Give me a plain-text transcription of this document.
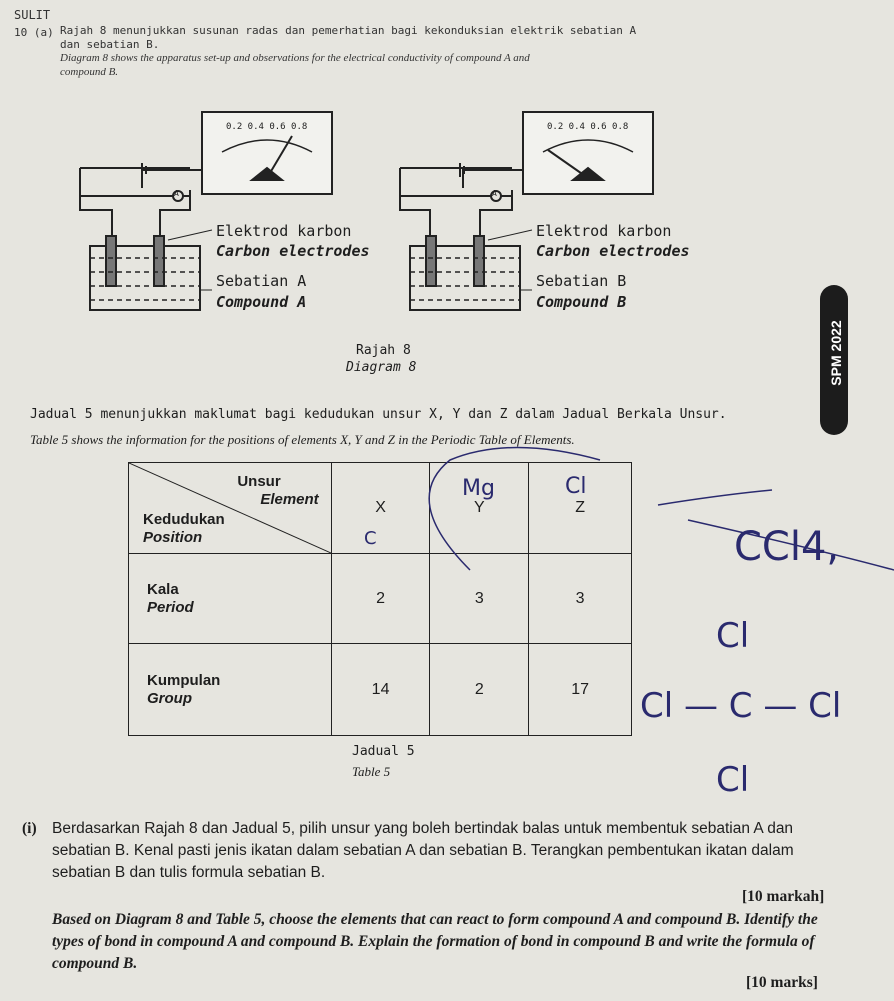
SULIT
10 (a) Rajah 8 menunjukkan susunan radas dan pemerhatian bagi kekonduksian elektrik sebatian A
dan sebatian B.
Diagram 8 shows the apparatus set-up and observations for the electrical conductivity of compound A and
compound B.
0.2 0.4 0.6 0.8	0.2 0.4 0.6 0.8
A	A
Elektrod karbon
Carbon electrodes
Sebatian A
Compound A
Elektrod karbon
Carbon electrodes
Sebatian B
Compound B
Rajah 8
Diagram 8	SPM 2022
Jadual 5 menunjukkan maklumat bagi kedudukan unsur X, Y dan Z dalam Jadual Berkala Unsur.
Table 5 shows the information for the positions of elements X, Y and Z in the Periodic Table of Elements.
Unsur
Element
Kedudukan
Position	X	Y	Z

Kala
Period	2	3	3

Kumpulan
Group	14	2	17
C
Mg	Cl
CCl4,
Cl
Cl — C — Cl
Cl
Jadual 5
Table 5
(i) Berdasarkan Rajah 8 dan Jadual 5, pilih unsur yang boleh bertindak balas untuk membentuk sebatian A dan sebatian B. Kenal pasti jenis ikatan dalam sebatian A dan sebatian B. Terangkan pembentukan ikatan dalam sebatian B dan tulis formula sebatian B.
[10 markah]
Based on Diagram 8 and Table 5, choose the elements that can react to form compound A and compound B. Identify the types of bond in compound A and compound B. Explain the formation of bond in compound B and write the formula of compound B.
[10 marks]
